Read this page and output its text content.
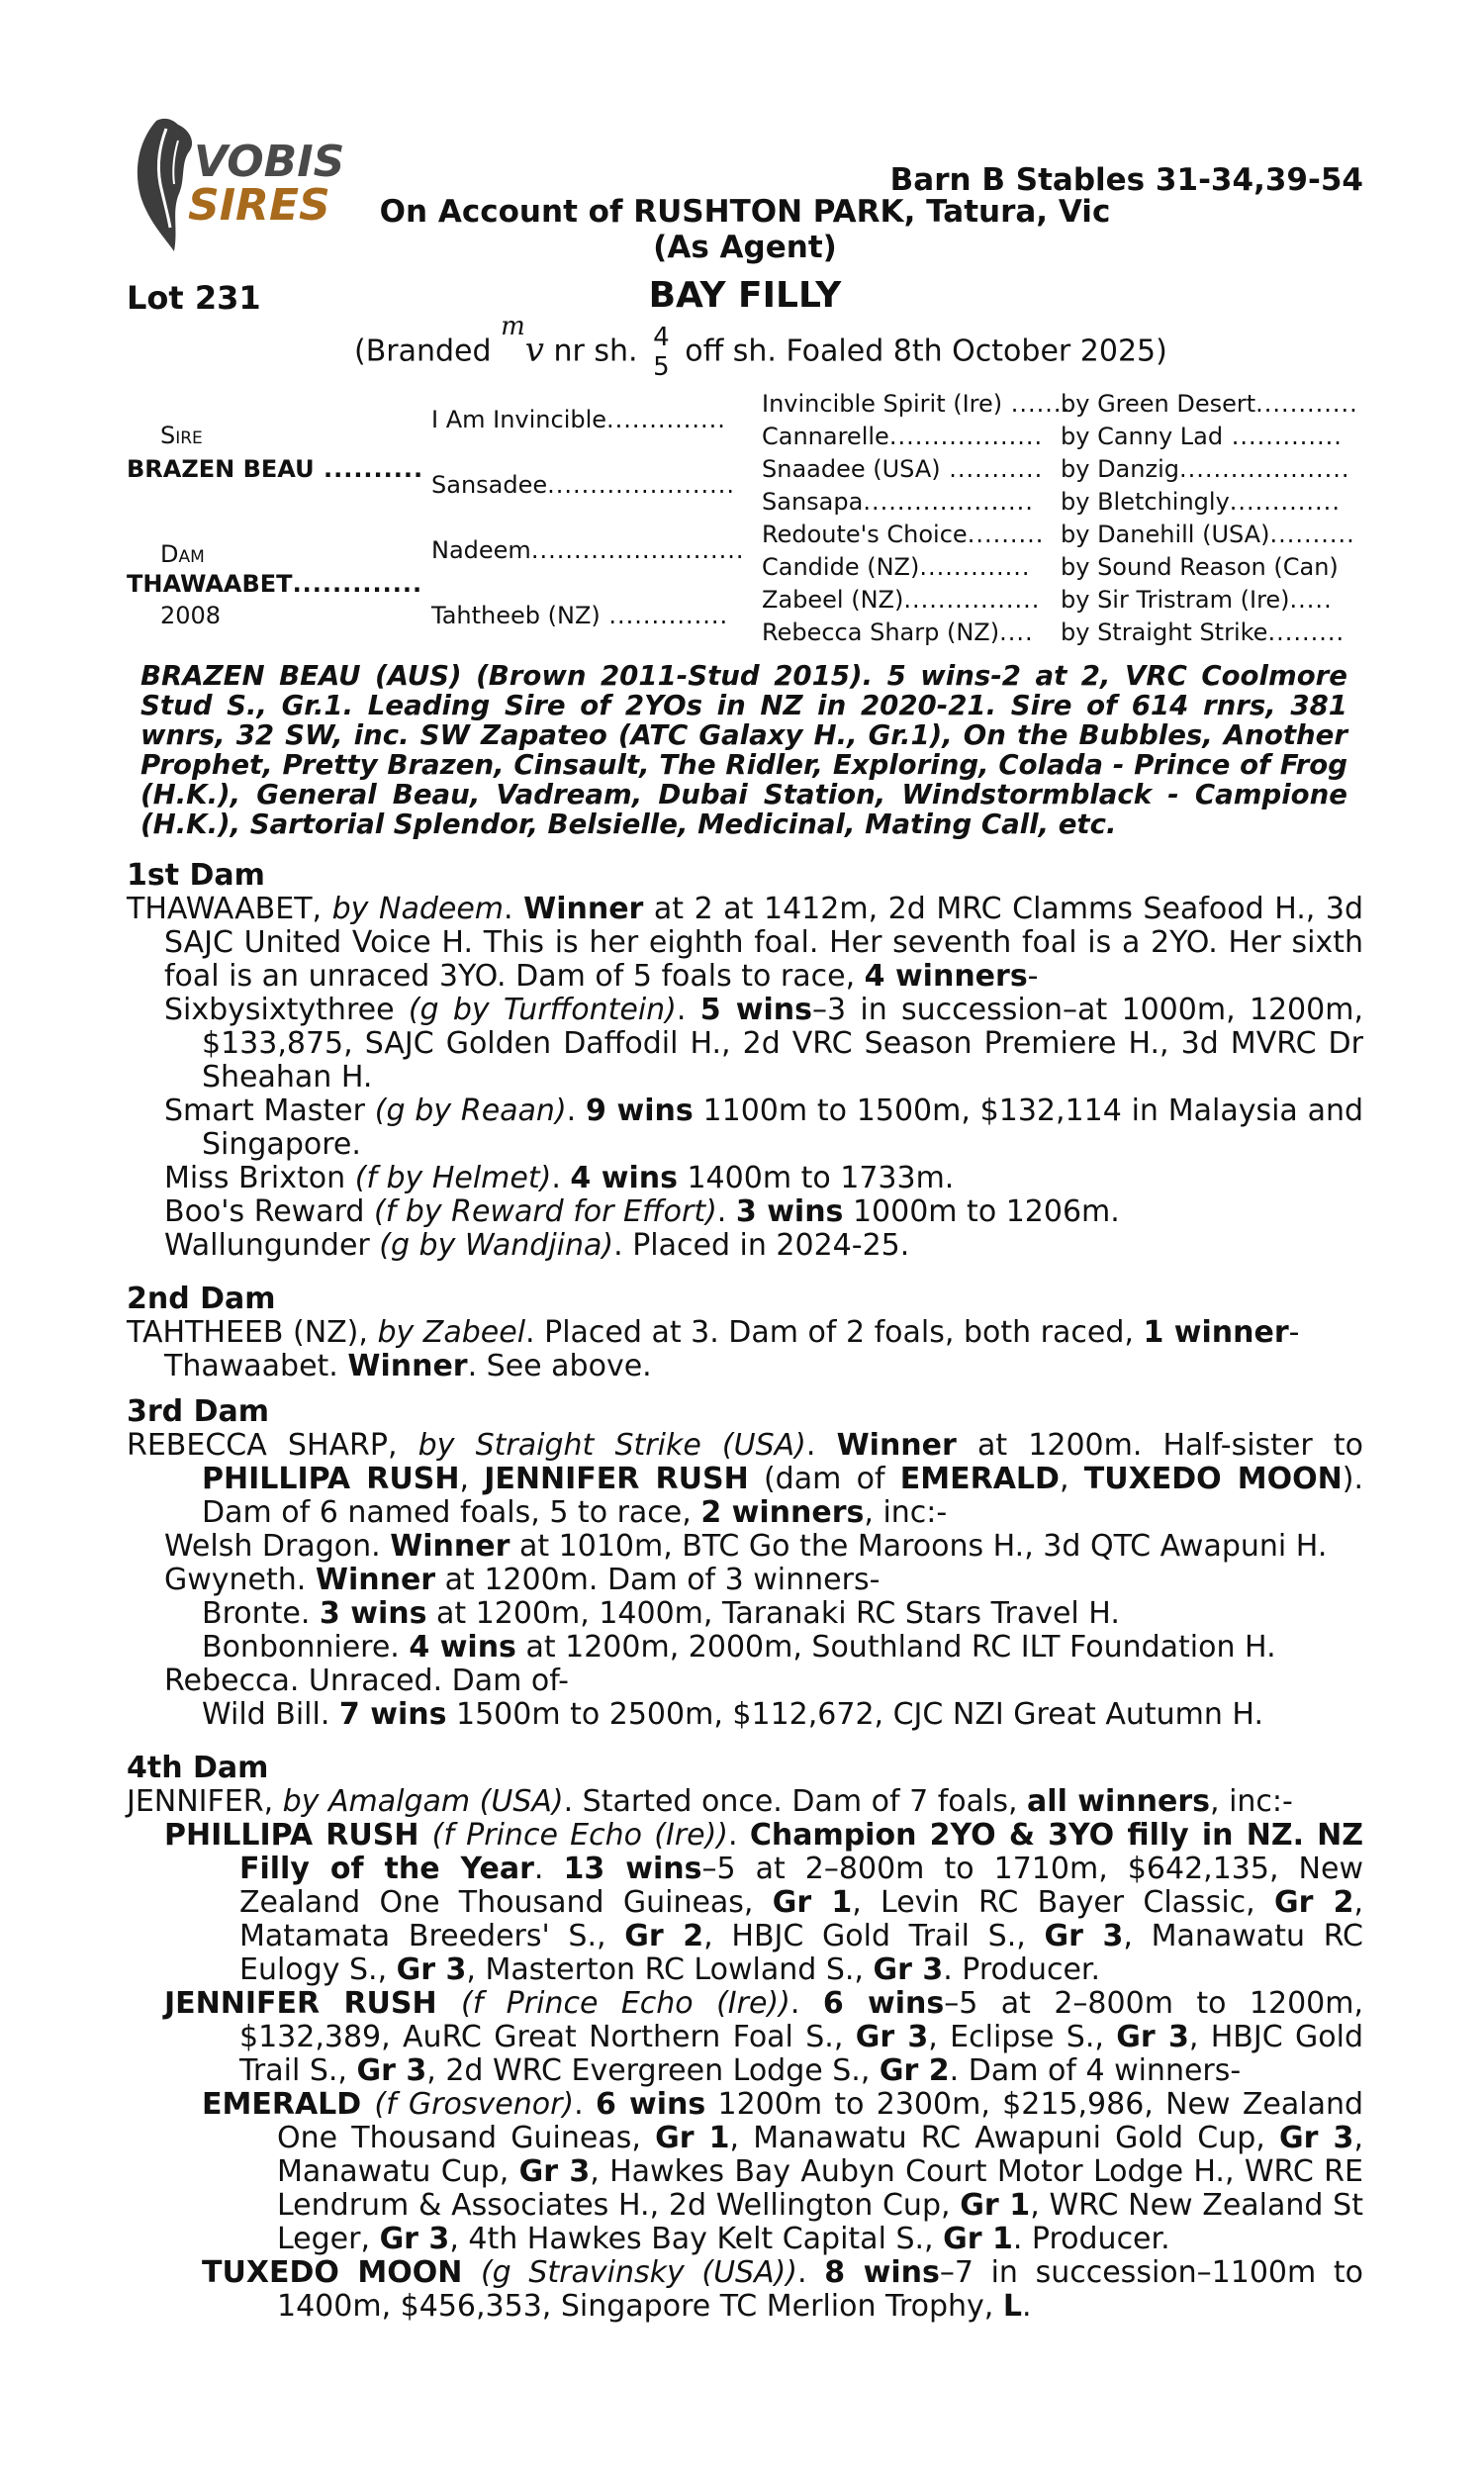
VOBIS
SIRES	Barn B Stables 31-34,39-54
On Account of RUSHTON PARK, Tatura, Vic
(As Agent)
Lot 231	BAY FILLY
(Branded $^m$v nr sh. 4
5 off sh. Foaled 8th October 2025)
Sire
BRAZEN BEAU ..........
Dam
THAWAABET.............
2008
I Am Invincible..............
Sansadee......................
Nadeem.........................
Tahtheeb (NZ) ..............
Invincible Spirit (Ire) .......
Cannarelle..................
Snaadee (USA) ...........
Sansapa....................
Redoute's Choice.........
Candide (NZ).............
Zabeel (NZ)................
Rebecca Sharp (NZ)....
by Green Desert............
by Canny Lad .............
by Danzig....................
by Bletchingly.............
by Danehill (USA)..........
by Sound Reason (Can)
by Sir Tristram (Ire).....
by Straight Strike.........
BRAZEN BEAU (AUS) (Brown 2011-Stud 2015). 5 wins-2 at 2, VRC Coolmore Stud S., Gr.1. Leading Sire of 2YOs in NZ in 2020-21. Sire of 614 rnrs, 381 wnrs, 32 SW, inc. SW Zapateo (ATC Galaxy H., Gr.1), On the Bubbles, Another Prophet, Pretty Brazen, Cinsault, The Ridler, Exploring, Colada - Prince of Frog (H.K.), General Beau, Vadream, Dubai Station, Windstormblack - Campione (H.K.), Sartorial Splendor, Belsielle, Medicinal, Mating Call, etc.
1st Dam
THAWAABET, by Nadeem. Winner at 2 at 1412m, 2d MRC Clamms Seafood H., 3d SAJC United Voice H. This is her eighth foal. Her seventh foal is a 2YO. Her sixth foal is an unraced 3YO. Dam of 5 foals to race, 4 winners-
Sixbysixtythree (g by Turffontein). 5 wins–3 in succession–at 1000m, 1200m, $133,875, SAJC Golden Daffodil H., 2d VRC Season Premiere H., 3d MVRC Dr Sheahan H.
Smart Master (g by Reaan). 9 wins 1100m to 1500m, $132,114 in Malaysia and Singapore.
Miss Brixton (f by Helmet). 4 wins 1400m to 1733m.
Boo's Reward (f by Reward for Effort). 3 wins 1000m to 1206m.
Wallungunder (g by Wandjina). Placed in 2024-25.
2nd Dam
TAHTHEEB (NZ), by Zabeel. Placed at 3. Dam of 2 foals, both raced, 1 winner-
Thawaabet. Winner. See above.
3rd Dam
REBECCA SHARP, by Straight Strike (USA). Winner at 1200m. Half-sister to PHILLIPA RUSH, JENNIFER RUSH (dam of EMERALD, TUXEDO MOON). Dam of 6 named foals, 5 to race, 2 winners, inc:-
Welsh Dragon. Winner at 1010m, BTC Go the Maroons H., 3d QTC Awapuni H.
Gwyneth. Winner at 1200m. Dam of 3 winners-
Bronte. 3 wins at 1200m, 1400m, Taranaki RC Stars Travel H.
Bonbonniere. 4 wins at 1200m, 2000m, Southland RC ILT Foundation H.
Rebecca. Unraced. Dam of-
Wild Bill. 7 wins 1500m to 2500m, $112,672, CJC NZI Great Autumn H.
4th Dam
JENNIFER, by Amalgam (USA). Started once. Dam of 7 foals, all winners, inc:-
PHILLIPA RUSH (f Prince Echo (Ire)). Champion 2YO & 3YO filly in NZ. NZ Filly of the Year. 13 wins–5 at 2–800m to 1710m, $642,135, New Zealand One Thousand Guineas, Gr 1, Levin RC Bayer Classic, Gr 2, Matamata Breeders' S., Gr 2, HBJC Gold Trail S., Gr 3, Manawatu RC Eulogy S., Gr 3, Masterton RC Lowland S., Gr 3. Producer.
JENNIFER RUSH (f Prince Echo (Ire)). 6 wins–5 at 2–800m to 1200m, $132,389, AuRC Great Northern Foal S., Gr 3, Eclipse S., Gr 3, HBJC Gold Trail S., Gr 3, 2d WRC Evergreen Lodge S., Gr 2. Dam of 4 winners-
EMERALD (f Grosvenor). 6 wins 1200m to 2300m, $215,986, New Zealand One Thousand Guineas, Gr 1, Manawatu RC Awapuni Gold Cup, Gr 3, Manawatu Cup, Gr 3, Hawkes Bay Aubyn Court Motor Lodge H., WRC RE Lendrum & Associates H., 2d Wellington Cup, Gr 1, WRC New Zealand St Leger, Gr 3, 4th Hawkes Bay Kelt Capital S., Gr 1. Producer.
TUXEDO MOON (g Stravinsky (USA)). 8 wins–7 in succession–1100m to 1400m, $456,353, Singapore TC Merlion Trophy, L.
